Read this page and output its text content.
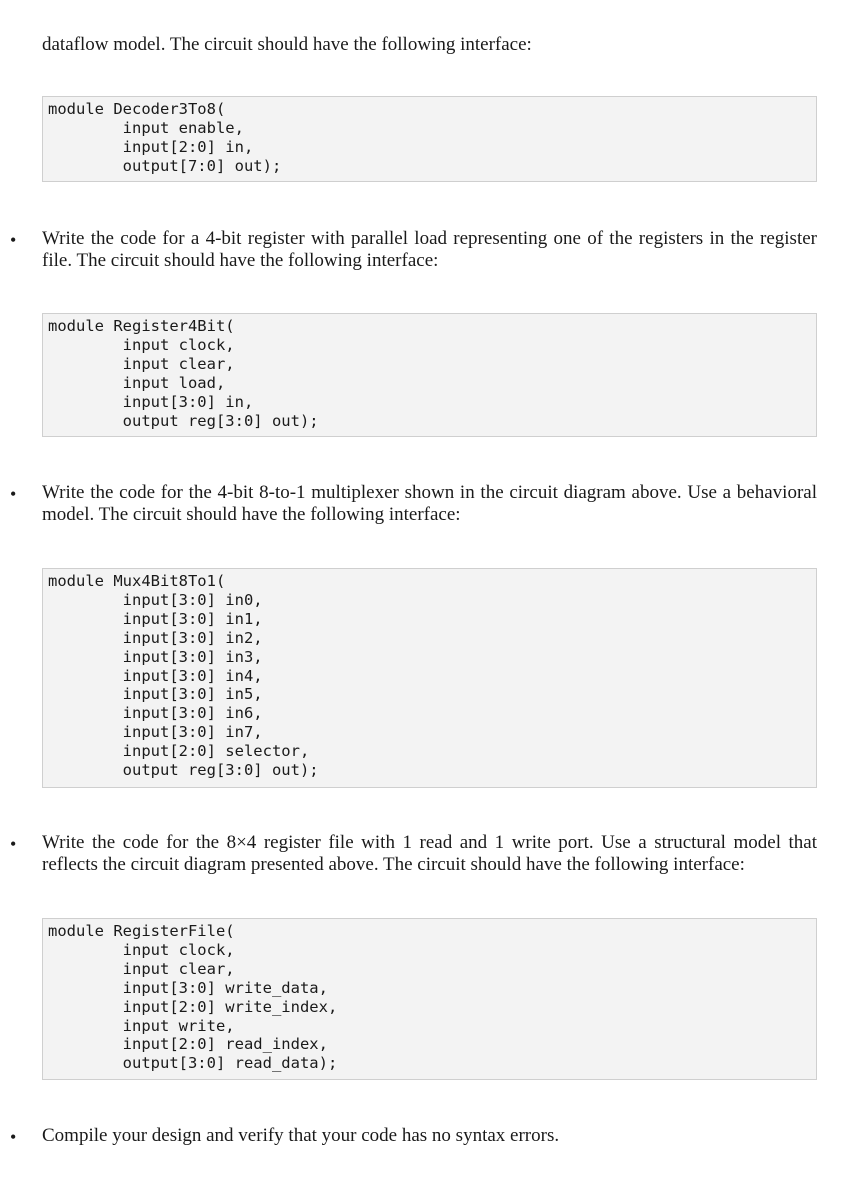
dataflow model. The circuit should have the following interface:

module Decoder3To8(
input enable,
input[2:0] in,
output[7:0] out);
• Write the code for a 4-bit register with parallel load representing one of the registers in the register file. The circuit should have the following interface:

module Register4Bit(
input clock,
input clear,
input load,
input[3:0] in,
output reg[3:0] out);
• Write the code for the 4-bit 8-to-1 multiplexer shown in the circuit diagram above. Use a behavioral model. The circuit should have the following interface:

module Mux4Bit8To1(
input[3:0] in0,
input[3:0] in1,
input[3:0] in2,
input[3:0] in3,
input[3:0] in4,
input[3:0] in5,
input[3:0] in6,
input[3:0] in7,
input[2:0] selector,
output reg[3:0] out);
• Write the code for the 8×4 register file with 1 read and 1 write port. Use a structural model that reflects the circuit diagram presented above. The circuit should have the following interface:

module RegisterFile(
input clock,
input clear,
input[3:0] write_data,
input[2:0] write_index,
input write,
input[2:0] read_index,
output[3:0] read_data);
• Compile your design and verify that your code has no syntax errors.
